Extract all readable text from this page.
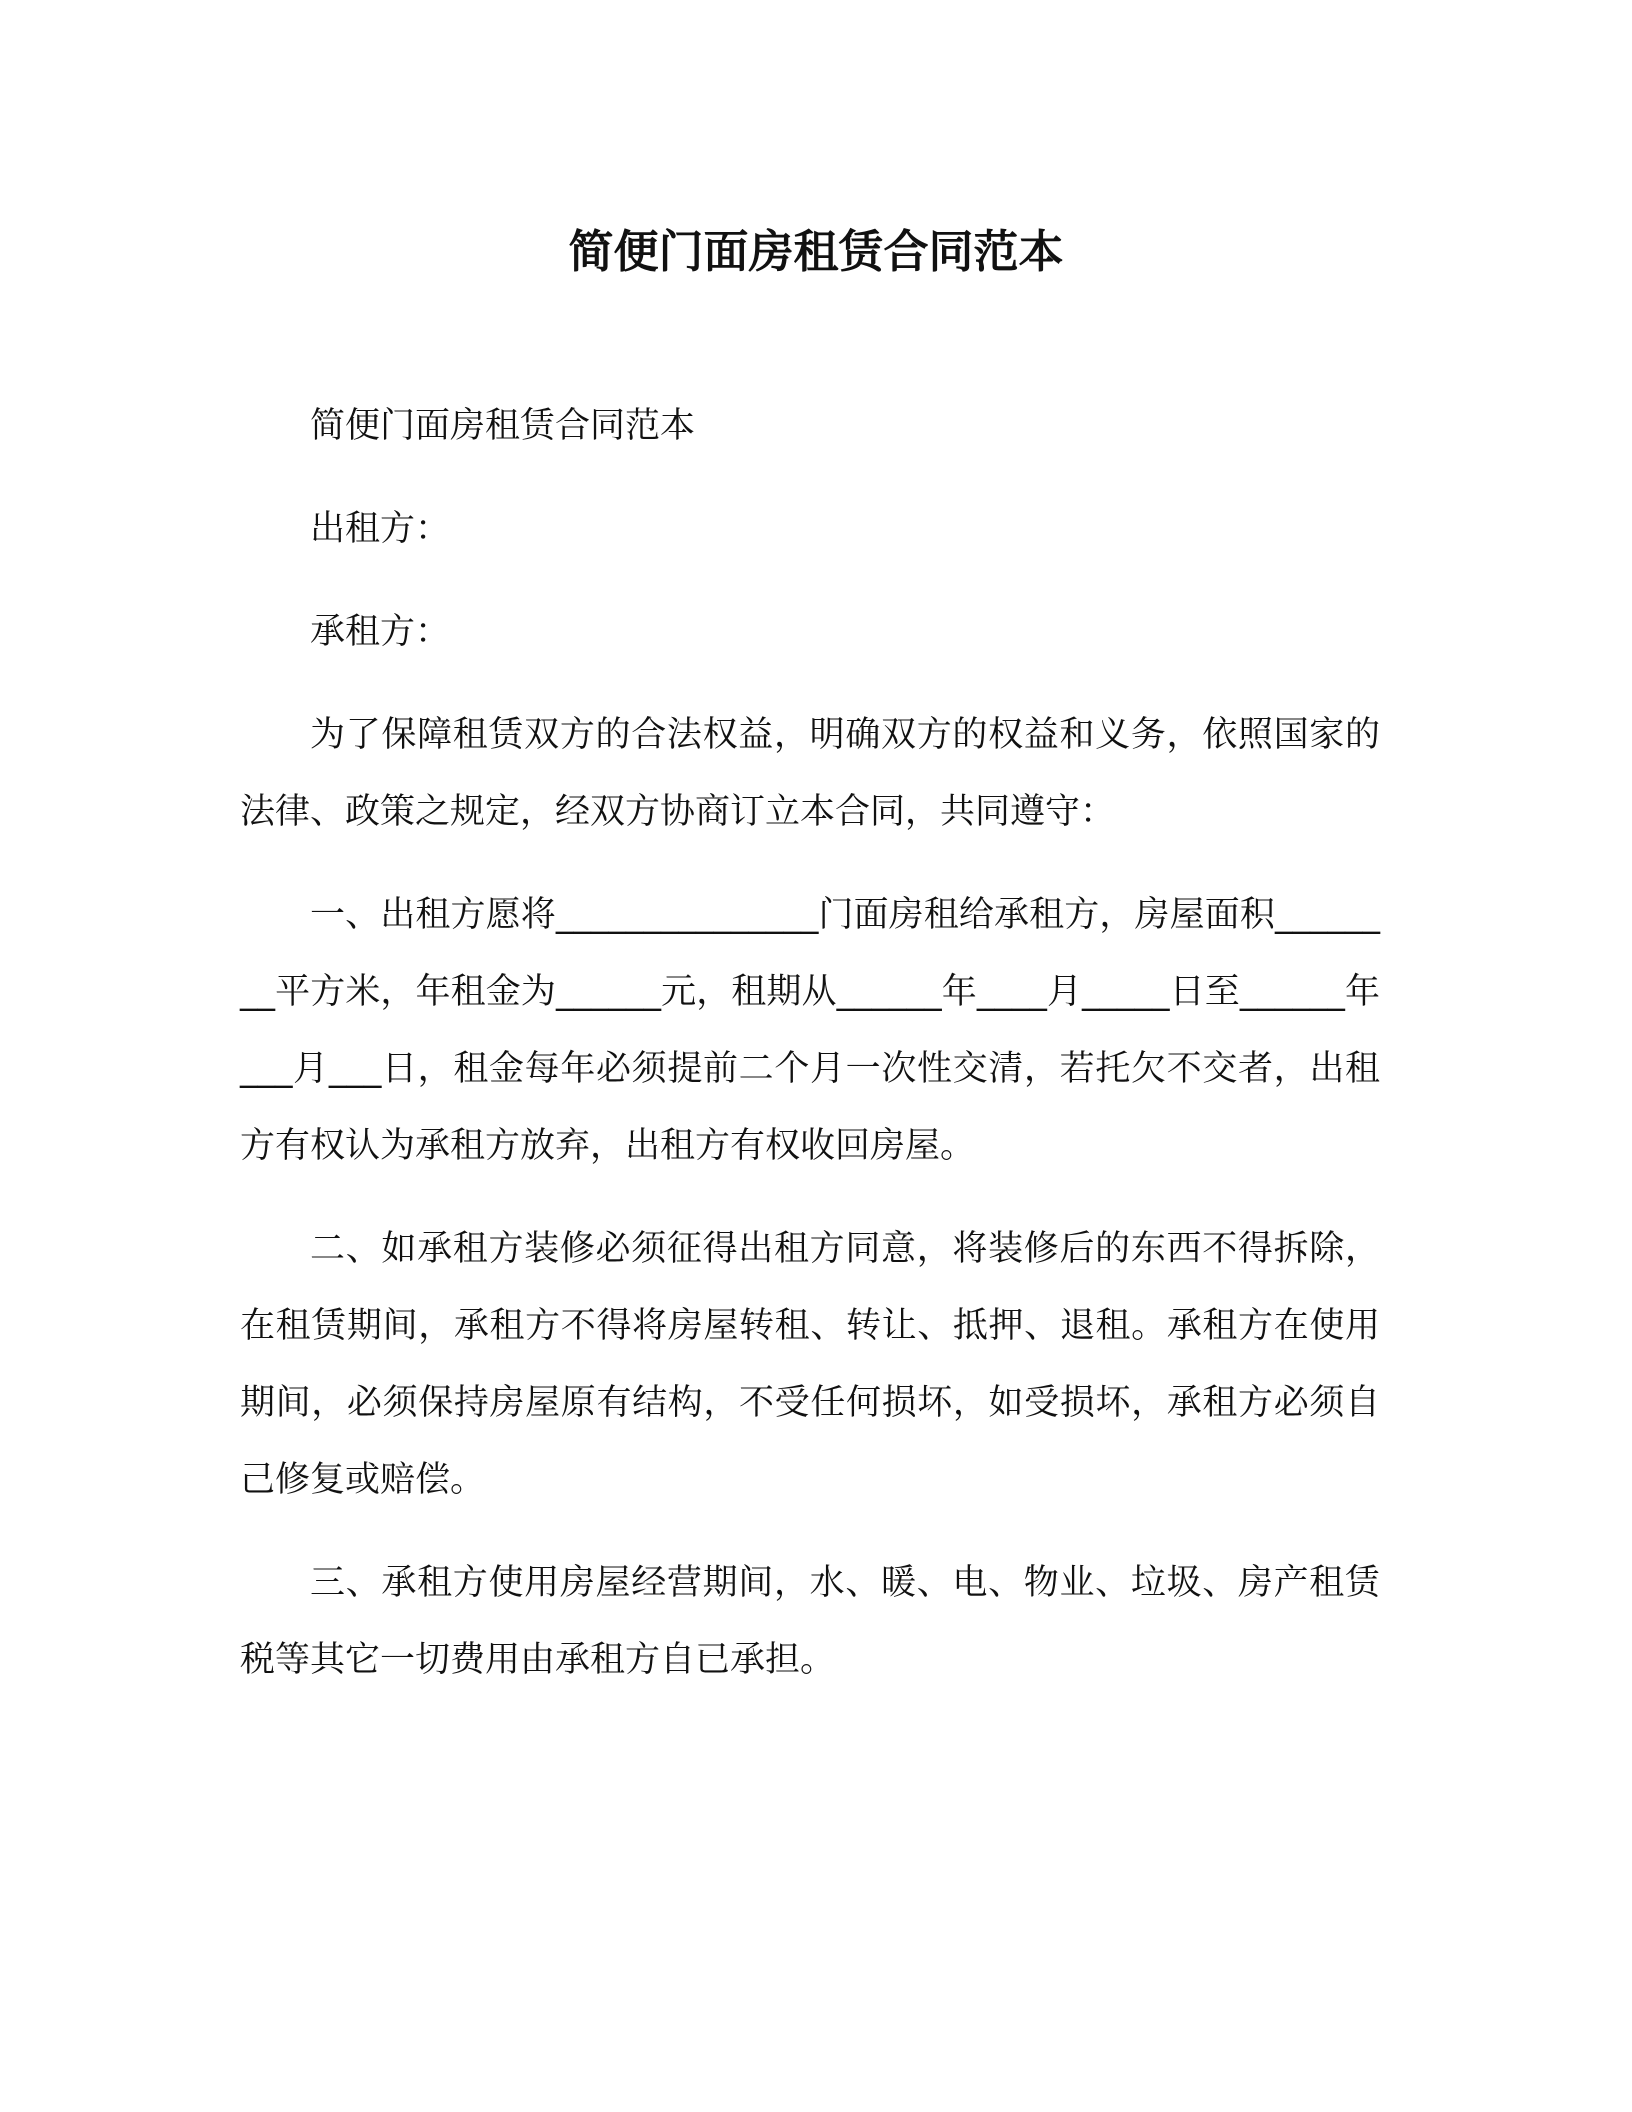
简便门面房租赁合同范本

简便门面房租赁合同范本

出租方：

承租方：

为了保障租赁双方的合法权益，明确双方的权益和义务，依照国家的法律、政策之规定，经双方协商订立本合同，共同遵守：

一、出租方愿将_______________门面房租给承租方，房屋面积________平方米，年租金为______元，租期从______年____月_____日至______年___月___日，租金每年必须提前二个月一次性交清，若托欠不交者，出租方有权认为承租方放弃，出租方有权收回房屋。

二、如承租方装修必须征得出租方同意，将装修后的东西不得拆除，在租赁期间，承租方不得将房屋转租、转让、抵押、退租。承租方在使用期间，必须保持房屋原有结构，不受任何损坏，如受损坏，承租方必须自己修复或赔偿。

三、承租方使用房屋经营期间，水、暖、电、物业、垃圾、房产租赁税等其它一切费用由承租方自已承担。
